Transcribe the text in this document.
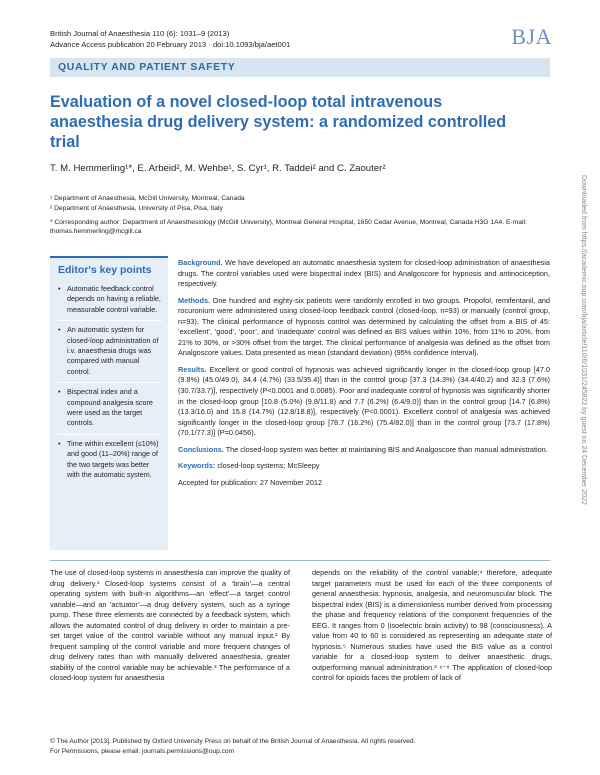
British Journal of Anaesthesia 110 (6): 1031–9 (2013)
Advance Access publication 20 February 2013 · doi:10.1093/bja/aet001	BJA
QUALITY AND PATIENT SAFETY
Evaluation of a novel closed-loop total intravenous anaesthesia drug delivery system: a randomized controlled trial
T. M. Hemmerling¹*, E. Arbeid², M. Wehbe¹, S. Cyr¹, R. Taddei² and C. Zaouter²
¹ Department of Anaesthesia, McGill University, Montreal, Canada
² Department of Anaesthesia, University of Pisa, Pisa, Italy
* Corresponding author: Department of Anaesthesiology (McGill University), Montreal General Hospital, 1650 Cedar Avenue, Montreal, Canada H3G 1A4. E-mail: thomas.hemmerling@mcgill.ca
Editor's key points
• Automatic feedback control depends on having a reliable, measurable control variable.
• An automatic system for closed-loop administration of i.v. anaesthesia drugs was compared with manual control.
• Bispectral index and a compound analgesia score were used as the target controls.
• Time within excellent (≤10%) and good (11–20%) range of the two targets was better with the automatic system.

Background. We have developed an automatic anaesthesia system for closed-loop administration of anaesthesia drugs. The control variables used were bispectral index (BIS) and Analgoscore for hypnosis and antinociception, respectively.

Methods. One hundred and eighty-six patients were randomly enrolled in two groups. Propofol, remifentanil, and rocuronium were administered using closed-loop feedback control (closed-loop, n=93) or manually (control group, n=93). The clinical performance of hypnosis control was determined by calculating the offset from a BIS of 45: ‘excellent’, ‘good’, ‘poor’, and ‘inadequate’ control was defined as BIS values within 10%, from 11% to 20%, from 21% to 30%, or >30% offset from the target. The clinical performance of analgesia was defined as the offset from Analgoscore values. Data presented as mean (standard deviation) (95% confidence interval).

Results. Excellent or good control of hypnosis was achieved significantly longer in the closed-loop group [47.0 (9.8%) (45.0/49.0), 34.4 (4.7%) (33.5/35.4)] than in the control group [37.3 (14.3%) (34.4/40.2) and 32.3 (7.6%) (30.7/33.7)], respectively (P<0.0001 and 0.0085). Poor and inadequate control of hypnosis was significantly shorter in the closed-loop group [10.8 (5.0%) (9.8/11.8) and 7.7 (6.2%) (6.4/9.0)] than in the control group [14.7 (6.8%) (13.3/16.0) and 15.8 (14.7%) (12.8/18.8)], respectively (P<0.0001). Excellent control of analgesia was achieved significantly longer in the closed-loop group [78.7 (16.2%) (75.4/82.0)] than in the control group [73.7 (17.8%) (70.1/77.3)] (P=0.0456).

Conclusions. The closed-loop system was better at maintaining BIS and Analgoscore than manual administration.

Keywords: closed-loop systems; McSleepy

Accepted for publication: 27 November 2012

The use of closed-loop systems in anaesthesia can improve the quality of drug delivery.¹ Closed-loop systems consist of a ‘brain’—a central operating system with built-in algorithms—an ‘effect’—a target control variable—and an ‘actuator’—a drug delivery system, such as a syringe pump. These three elements are connected by a feedback system, which allows the automated control of drug delivery in order to maintain a pre-set target value of the control variable without any manual input.² By frequent sampling of the control variable and more frequent changes of drug delivery rates than with manually delivered anaesthesia, greater stability of the control variable may be achievable.³ The performance of a closed-loop system for anaesthesia

depends on the reliability of the control variable;⁴ therefore, adequate target parameters must be used for each of the three components of general anaesthesia: hypnosis, analgesia, and neuromuscular block. The bispectral index (BIS) is a dimensionless number derived from processing the phase and frequency relations of the component frequencies of the EEG. It ranges from 0 (isoelectric brain activity) to 98 (consciousness). A value from 40 to 60 is considered as representing an adequate state of hypnosis.⁵ Numerous studies have used the BIS value as a control variable for a closed-loop system to deliver anaesthetic drugs, outperforming manual administration.³ ⁶⁻⁸ The application of closed-loop control for opioids faces the problem of lack of

© The Author [2013]. Published by Oxford University Press on behalf of the British Journal of Anaesthesia. All rights reserved.
For Permissions, please email: journals.permissions@oup.com
Downloaded from https://academic.oup.com/bja/article/110/6/1031/245822 by guest on 24 December 2022
